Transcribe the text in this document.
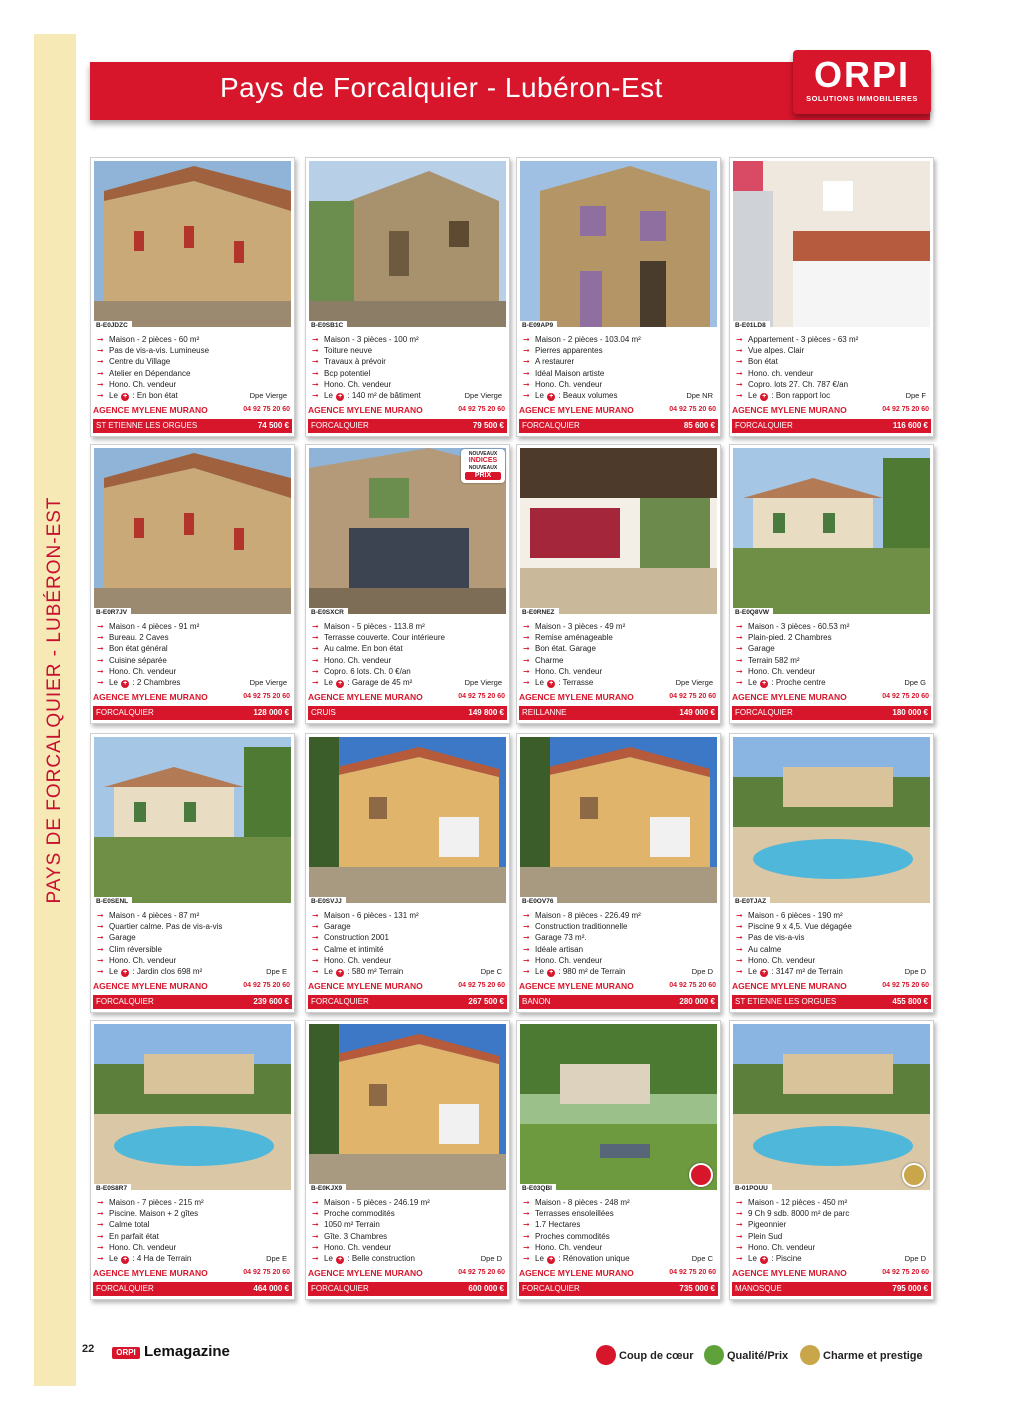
PAYS DE FORCALQUIER - LUBÉRON-EST
Pays de Forcalquier - Lubéron-Est	ORPI
SOLUTIONS IMMOBILIERES
B-E0JDZC
➞ Maison - 2 pièces - 60 m²
➞ Pas de vis-a-vis. Lumineuse
➞ Centre du Village
➞ Atelier en Dépendance
➞ Hono. Ch. vendeur
➞ Le + : En bon état	Dpe Vierge
AGENCE MYLENE MURANO	04 92 75 20 60
ST ETIENNE LES ORGUES	74 500 €
B-E0SB1C
➞ Maison - 3 pièces - 100 m²
➞ Toiture neuve
➞ Travaux à prévoir
➞ Bcp potentiel
➞ Hono. Ch. vendeur
➞ Le + : 140 m² de bâtiment	Dpe Vierge
AGENCE MYLENE MURANO	04 92 75 20 60
FORCALQUIER	79 500 €
B-E09AP9
➞ Maison - 2 pièces - 103.04 m²
➞ Pierres apparentes
➞ A restaurer
➞ Idéal Maison artiste
➞ Hono. Ch. vendeur
➞ Le + : Beaux volumes	Dpe NR
AGENCE MYLENE MURANO	04 92 75 20 60
FORCALQUIER	85 600 €
B-E01LD8
➞ Appartement - 3 pièces - 63 m²
➞ Vue alpes. Clair
➞ Bon état
➞ Hono. ch. vendeur
➞ Copro. lots 27. Ch. 787 €/an
➞ Le + : Bon rapport loc	Dpe F
AGENCE MYLENE MURANO	04 92 75 20 60
FORCALQUIER	116 600 €
B-E0R7JV
➞ Maison - 4 pièces - 91 m²
➞ Bureau. 2 Caves
➞ Bon état général
➞ Cuisine séparée
➞ Hono. Ch. vendeur
➞ Le + : 2 Chambres	Dpe Vierge
AGENCE MYLENE MURANO	04 92 75 20 60
FORCALQUIER	128 000 €
NOUVEAUX
INDICES
NOUVEAUX
PRIX
B-E0SXCR
➞ Maison - 5 pièces - 113.8 m²
➞ Terrasse couverte. Cour intérieure
➞ Au calme. En bon état
➞ Hono. Ch. vendeur
➞ Copro. 6 lots. Ch. 0 €/an
➞ Le + : Garage de 45 m²	Dpe Vierge
AGENCE MYLENE MURANO	04 92 75 20 60
CRUIS	149 800 €
B-E0RNEZ
➞ Maison - 3 pièces - 49 m²
➞ Remise aménageable
➞ Bon état. Garage
➞ Charme
➞ Hono. Ch. vendeur
➞ Le + : Terrasse	Dpe Vierge
AGENCE MYLENE MURANO	04 92 75 20 60
REILLANNE	149 000 €
B-E0Q8VW
➞ Maison - 3 pièces - 60.53 m²
➞ Plain-pied. 2 Chambres
➞ Garage
➞ Terrain 582 m²
➞ Hono. Ch. vendeur
➞ Le + : Proche centre	Dpe G
AGENCE MYLENE MURANO	04 92 75 20 60
FORCALQUIER	180 000 €
B-E0SENL
➞ Maison - 4 pièces - 87 m²
➞ Quartier calme. Pas de vis-a-vis
➞ Garage
➞ Clim réversible
➞ Hono. Ch. vendeur
➞ Le + : Jardin clos 698 m²	Dpe E
AGENCE MYLENE MURANO	04 92 75 20 60
FORCALQUIER	239 600 €
B-E0SVJJ
➞ Maison - 6 pièces - 131 m²
➞ Garage
➞ Construction 2001
➞ Calme et intimité
➞ Hono. Ch. vendeur
➞ Le + : 580 m² Terrain	Dpe C
AGENCE MYLENE MURANO	04 92 75 20 60
FORCALQUIER	267 500 €
B-E0OV76
➞ Maison - 8 pièces - 226.49 m²
➞ Construction traditionnelle
➞ Garage 73 m².
➞ Idéale artisan
➞ Hono. Ch. vendeur
➞ Le + : 980 m² de Terrain	Dpe D
AGENCE MYLENE MURANO	04 92 75 20 60
BANON	280 000 €
B-E0TJAZ
➞ Maison - 6 pièces - 190 m²
➞ Piscine 9 x 4,5. Vue dégagée
➞ Pas de vis-a-vis
➞ Au calme
➞ Hono. Ch. vendeur
➞ Le + : 3147 m² de Terrain	Dpe D
AGENCE MYLENE MURANO	04 92 75 20 60
ST ETIENNE LES ORGUES	455 800 €
B-E0S8R7
➞ Maison - 7 pièces - 215 m²
➞ Piscine. Maison + 2 gîtes
➞ Calme total
➞ En parfait état
➞ Hono. Ch. vendeur
➞ Le + : 4 Ha de Terrain	Dpe E
AGENCE MYLENE MURANO	04 92 75 20 60
FORCALQUIER	464 000 €
B-E0KJX9
➞ Maison - 5 pièces - 246.19 m²
➞ Proche commodités
➞ 1050 m² Terrain
➞ Gîte. 3 Chambres
➞ Hono. Ch. vendeur
➞ Le + : Belle construction	Dpe D
AGENCE MYLENE MURANO	04 92 75 20 60
FORCALQUIER	600 000 €
B-E03QBI
➞ Maison - 8 pièces - 248 m²
➞ Terrasses ensoleillées
➞ 1.7 Hectares
➞ Proches commodités
➞ Hono. Ch. vendeur
➞ Le + : Rénovation unique	Dpe C
AGENCE MYLENE MURANO	04 92 75 20 60
FORCALQUIER	735 000 €
B-01POUU
➞ Maison - 12 pièces - 450 m²
➞ 9 Ch 9 sdb. 8000 m² de parc
➞ Pigeonnier
➞ Plein Sud
➞ Hono. Ch. vendeur
➞ Le + : Piscine	Dpe D
AGENCE MYLENE MURANO	04 92 75 20 60
MANOSQUE	795 000 €
22	ORPI Lemagazine	Coup de cœur	Qualité/Prix	Charme et prestige
